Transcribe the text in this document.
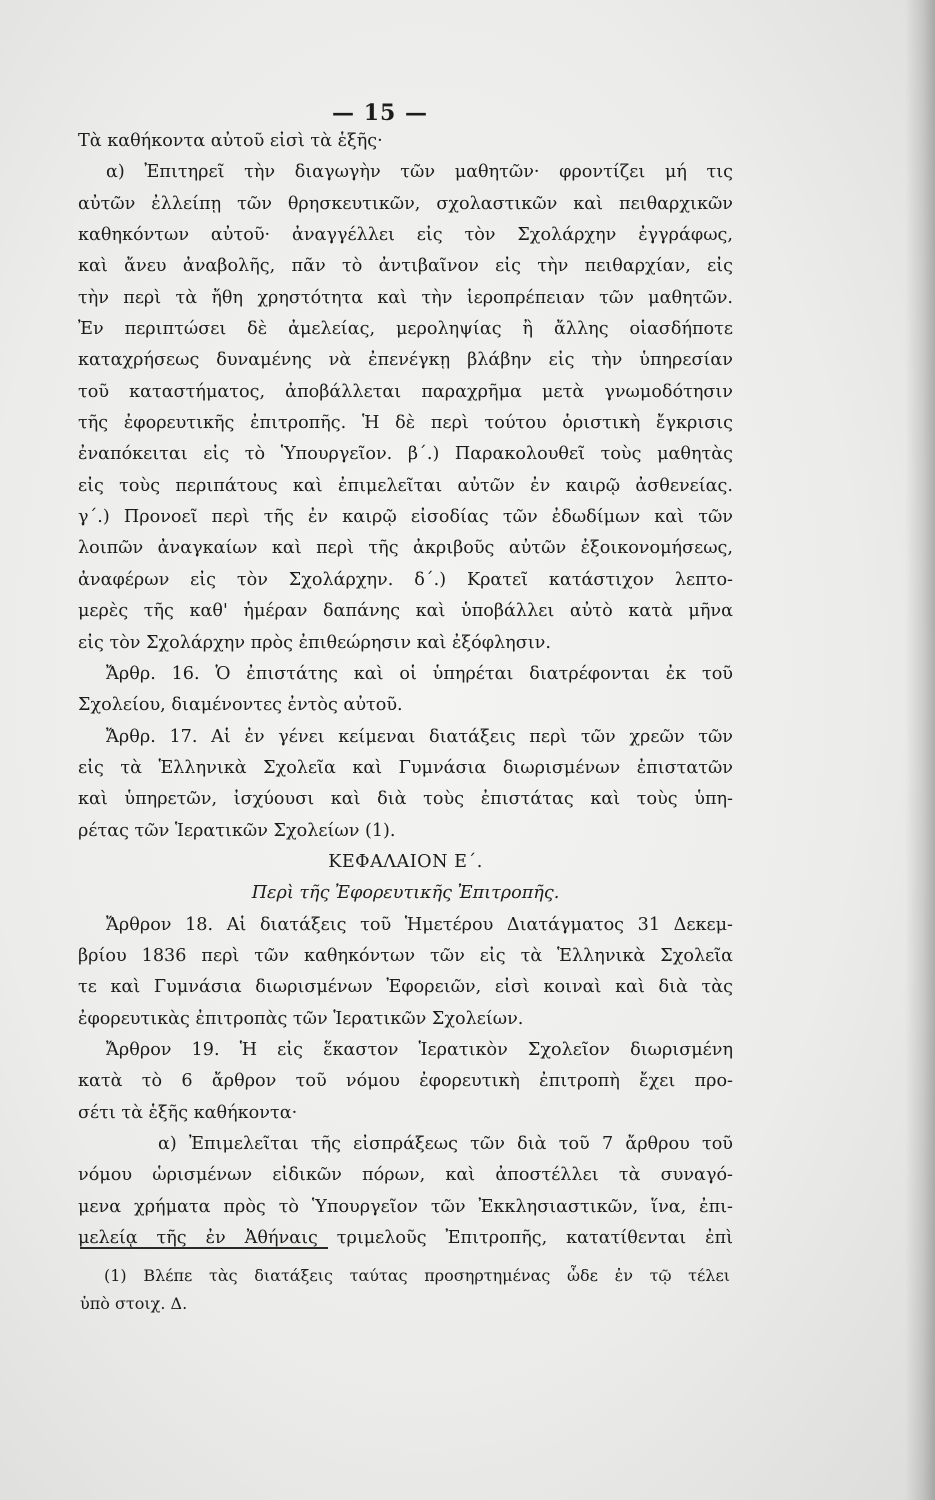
— 15 —
Τὰ καθήκοντα αὐτοῦ εἰσὶ τὰ ἑξῆς·
α) Ἐπιτηρεῖ τὴν διαγωγὴν τῶν μαθητῶν· φροντίζει μή τις
αὐτῶν ἐλλείπῃ τῶν θρησκευτικῶν, σχολαστικῶν καὶ πειθαρχικῶν
καθηκόντων αὐτοῦ· ἀναγγέλλει εἰς τὸν Σχολάρχην ἐγγράφως,
καὶ ἄνευ ἀναβολῆς, πᾶν τὸ ἀντιβαῖνον εἰς τὴν πειθαρχίαν, εἰς
τὴν περὶ τὰ ἤθη χρηστότητα καὶ τὴν ἱεροπρέπειαν τῶν μαθητῶν.
Ἐν περιπτώσει δὲ ἀμελείας, μεροληψίας ἢ ἄλλης οἱασδήποτε
καταχρήσεως δυναμένης νὰ ἐπενέγκῃ βλάβην εἰς τὴν ὑπηρεσίαν
τοῦ καταστήματος, ἀποβάλλεται παραχρῆμα μετὰ γνωμοδότησιν
τῆς ἐφορευτικῆς ἐπιτροπῆς. Ἡ δὲ περὶ τούτου ὁριστικὴ ἔγκρισις
ἐναπόκειται εἰς τὸ Ὑπουργεῖον. β΄.) Παρακολουθεῖ τοὺς μαθητὰς
εἰς τοὺς περιπάτους καὶ ἐπιμελεῖται αὐτῶν ἐν καιρῷ ἀσθενείας.
γ΄.) Προνοεῖ περὶ τῆς ἐν καιρῷ εἰσοδίας τῶν ἐδωδίμων καὶ τῶν
λοιπῶν ἀναγκαίων καὶ περὶ τῆς ἀκριβοῦς αὐτῶν ἐξοικονομήσεως,
ἀναφέρων εἰς τὸν Σχολάρχην. δ΄.) Κρατεῖ κατάστιχον λεπτο-
μερὲς τῆς καθ' ἡμέραν δαπάνης καὶ ὑποβάλλει αὐτὸ κατὰ μῆνα
εἰς τὸν Σχολάρχην πρὸς ἐπιθεώρησιν καὶ ἐξόφλησιν.
Ἄρθρ. 16. Ὁ ἐπιστάτης καὶ οἱ ὑπηρέται διατρέφονται ἐκ τοῦ
Σχολείου, διαμένοντες ἐντὸς αὐτοῦ.
Ἄρθρ. 17. Αἱ ἐν γένει κείμεναι διατάξεις περὶ τῶν χρεῶν τῶν
εἰς τὰ Ἑλληνικὰ Σχολεῖα καὶ Γυμνάσια διωρισμένων ἐπιστατῶν
καὶ ὑπηρετῶν, ἰσχύουσι καὶ διὰ τοὺς ἐπιστάτας καὶ τοὺς ὑπη-
ρέτας τῶν Ἱερατικῶν Σχολείων (1).
ΚΕΦΑΛΑΙΟΝ Ε΄.
Περὶ τῆς Ἐφορευτικῆς Ἐπιτροπῆς.
Ἄρθρον 18. Αἱ διατάξεις τοῦ Ἡμετέρου Διατάγματος 31 Δεκεμ-
βρίου 1836 περὶ τῶν καθηκόντων τῶν εἰς τὰ Ἑλληνικὰ Σχολεῖα
τε καὶ Γυμνάσια διωρισμένων Ἐφορειῶν, εἰσὶ κοιναὶ καὶ διὰ τὰς
ἐφορευτικὰς ἐπιτροπὰς τῶν Ἱερατικῶν Σχολείων.
Ἄρθρον 19. Ἡ εἰς ἕκαστον Ἱερατικὸν Σχολεῖον διωρισμένη
κατὰ τὸ 6 ἄρθρον τοῦ νόμου ἐφορευτικὴ ἐπιτροπὴ ἔχει προ-
σέτι τὰ ἑξῆς καθήκοντα·
α) Ἐπιμελεῖται τῆς εἰσπράξεως τῶν διὰ τοῦ 7 ἄρθρου τοῦ
νόμου ὡρισμένων εἰδικῶν πόρων, καὶ ἀποστέλλει τὰ συναγό-
μενα χρήματα πρὸς τὸ Ὑπουργεῖον τῶν Ἐκκλησιαστικῶν, ἵνα, ἐπι-
μελείᾳ τῆς ἐν Ἀθήναις τριμελοῦς Ἐπιτροπῆς, κατατίθενται ἐπὶ
(1) Βλέπε τὰς διατάξεις ταύτας προσηρτημένας ὧδε ἐν τῷ τέλει
ὑπὸ στοιχ. Δ.
